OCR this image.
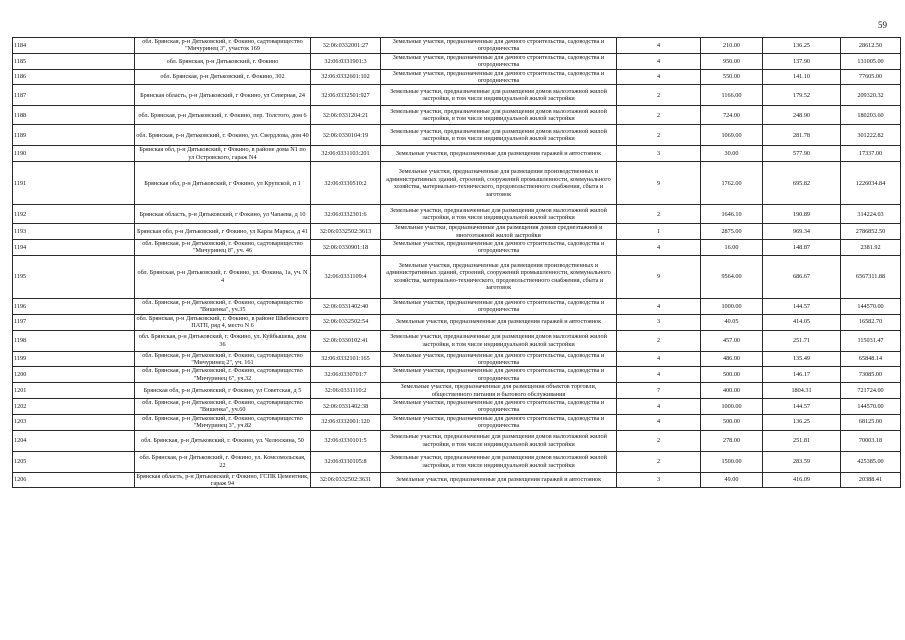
59
1184	обл. Брянская, р-н Дятьковский, г. Фокино, садтовариществo "Мичуринец 3", участок 169	32:06:0332001:27	Земельные участки, предназначенные для дачного строительства, садоводства и огородничества	4	210.00	136.25	28612.50
1185	обл. Брянская, р-н Дятьковский, г. Фокино	32:06:0331901:3	Земельные участки, предназначенные для дачного строительства, садоводства и огородничества	4	950.00	137.90	131005.00
1186	обл. Брянская, р-н Дятьковский, г. Фокино, 302	32:06:0332601:102	Земельные участки, предназначенные для дачного строительства, садоводства и огородничества	4	550.00	141.10	77605.00
1187	Брянская область, р-н Дятьковский, г Фокино, ул Северная, 24	32:06:0332501:927	Земельные участки, предназначенные для размещения домов малоэтажной жилой застройки, в том числе индивидуальной жилой застройки	2	1166.00	179.52	209320.32
1188	обл. Брянская, р-н Дятьковский, г. Фокино, пер. Толстого, дом 6	32:06:0331204:21	Земельные участки, предназначенные для размещения домов малоэтажной жилой застройки, в том числе индивидуальной жилой застройки	2	724.00	248.90	180203.60
1189	обл. Брянская, р-н Дятьковский, г. Фокино, ул. Свердлова, дом 40	32:06:0330104:19	Земельные участки, предназначенные для размещения домов малоэтажной жилой застройки, в том числе индивидуальной жилой застройки	2	1069.00	281.78	301222.82
1190	Брянская обл, р-н Дятьковский, г Фокино, в районе дома N1 по ул Островского, гараж N4	32:06:0331103:201	Земельные участки, предназначенные для размещения гаражей и автостоянок	3	30.00	577.90	17337.00
1191	Брянская обл, р-н Дятьковский, г Фокино, ул Крупской, п 1	32:06:0330510:2	Земельные участки, предназначенные для размещения производственных и административных зданий, строений, сооружений промышленности, коммунального хозяйства, материально-технического, продовольственного снабжения, сбыта и заготовок	9	1762.00	695.82	1226034.84
1192	Брянская область, р-н Дятьковский, г Фокино, ул Чапаева, д 10	32:06:0332301:6	Земельные участки, предназначенные для размещения домов малоэтажной жилой застройки, в том числе индивидуальной жилой застройки	2	1646.10	190.89	314224.03
1193	Брянская обл, р-н Дятьковский, г Фокино, ул Карла Маркса, д 41	32:06:0332502:3613	Земельные участки, предназначенные для размещения домов среднеэтажной и многоэтажной жилой застройки	1	2875.00	969.34	2786852.50
1194	обл. Брянская, р-н Дятьковский, г. Фокино, садтовариществo "Мичуринец 8", уч. 46	32:06:0330901:18	Земельные участки, предназначенные для дачного строительства, садоводства и огородничества	4	16.00	148.87	2381.92
1195	обл. Брянская, р-н Дятьковский, г. Фокино, ул. Фокина, 1а, уч. N 4	32:06:0331109:4	Земельные участки, предназначенные для размещения производственных и административных зданий, строений, сооружений промышленности, коммунального хозяйства, материально-технического, продовольственного снабжения, сбыта и заготовок	9	9564.00	686.67	6567311.88
1196	обл. Брянская, р-н Дятьковский, г. Фокино, садтовариществo "Вишенка", уч.35	32:06:0331402:40	Земельные участки, предназначенные для дачного строительства, садоводства и огородничества	4	1000.00	144.57	144570.00
1197	обл. Брянская, р-н Дятьковский, г. Фокино, в районе Шибенского ПАТП, ряд 4, место N 6	32:06:0332502:54	Земельные участки, предназначенные для размещения гаражей и автостоянок	3	40.05	414.05	16582.70
1198	обл. Брянская, р-н Дятьковский, г. Фокино, ул. Куйбышева, дом 36	32:06:0330102:41	Земельные участки, предназначенные для размещения домов малоэтажной жилой застройки, в том числе индивидуальной жилой застройки	2	457.00	251.71	115031.47
1199	обл. Брянская, р-н Дятьковский, г. Фокино, садтовариществo "Мичуринец 2", уч. 161	32:06:0332101:165	Земельные участки, предназначенные для дачного строительства, садоводства и огородничества	4	486.00	135.49	65848.14
1200	обл. Брянская, р-н Дятьковский, г. Фокино, садтовариществo "Мичуринец 6", уч.32	32:06:0330701:7	Земельные участки, предназначенные для дачного строительства, садоводства и огородничества	4	500.00	146.17	73085.00
1201	Брянская обл, р-н Дятьковский, г Фокино, ул Советская, д 5	32:06:0331110:2	Земельные участки, предназначенные для размещения объектов торговли, общественного питания и бытового обслуживания	7	400.00	1804.31	721724.00
1202	обл. Брянская, р-н Дятьковский, г. Фокино, садтовариществo "Вишенка", уч.60	32:06:0331402:38	Земельные участки, предназначенные для дачного строительства, садоводства и огородничества	4	1000.00	144.57	144570.00
1203	обл. Брянская, р-н Дятьковский, г. Фокино, садтовариществo "Мичуринец 3", уч.82	32:06:0332001:120	Земельные участки, предназначенные для дачного строительства, садоводства и огородничества	4	500.00	136.25	68125.00
1204	обл. Брянская, р-н Дятьковский, г. Фокино, ул. Челюскина, 50	32:06:0330101:5	Земельные участки, предназначенные для размещения домов малоэтажной жилой застройки, в том числе индивидуальной жилой застройки	2	278.00	251.81	70003.18
1205	обл. Брянская, р-н Дятьковский, г. Фокино, ул. Комсомольская, 22	32:06:0330105:8	Земельные участки, предназначенные для размещения домов малоэтажной жилой застройки, в том числе индивидуальной жилой застройки	2	1500.00	283.59	425385.00
1206	Брянская область, р-н Дятьковский, г Фокино, ГСПК Цементник, гараж 94	32:06:0332502:3631	Земельные участки, предназначенные для размещения гаражей и автостоянок	3	49.00	416.09	20388.41
